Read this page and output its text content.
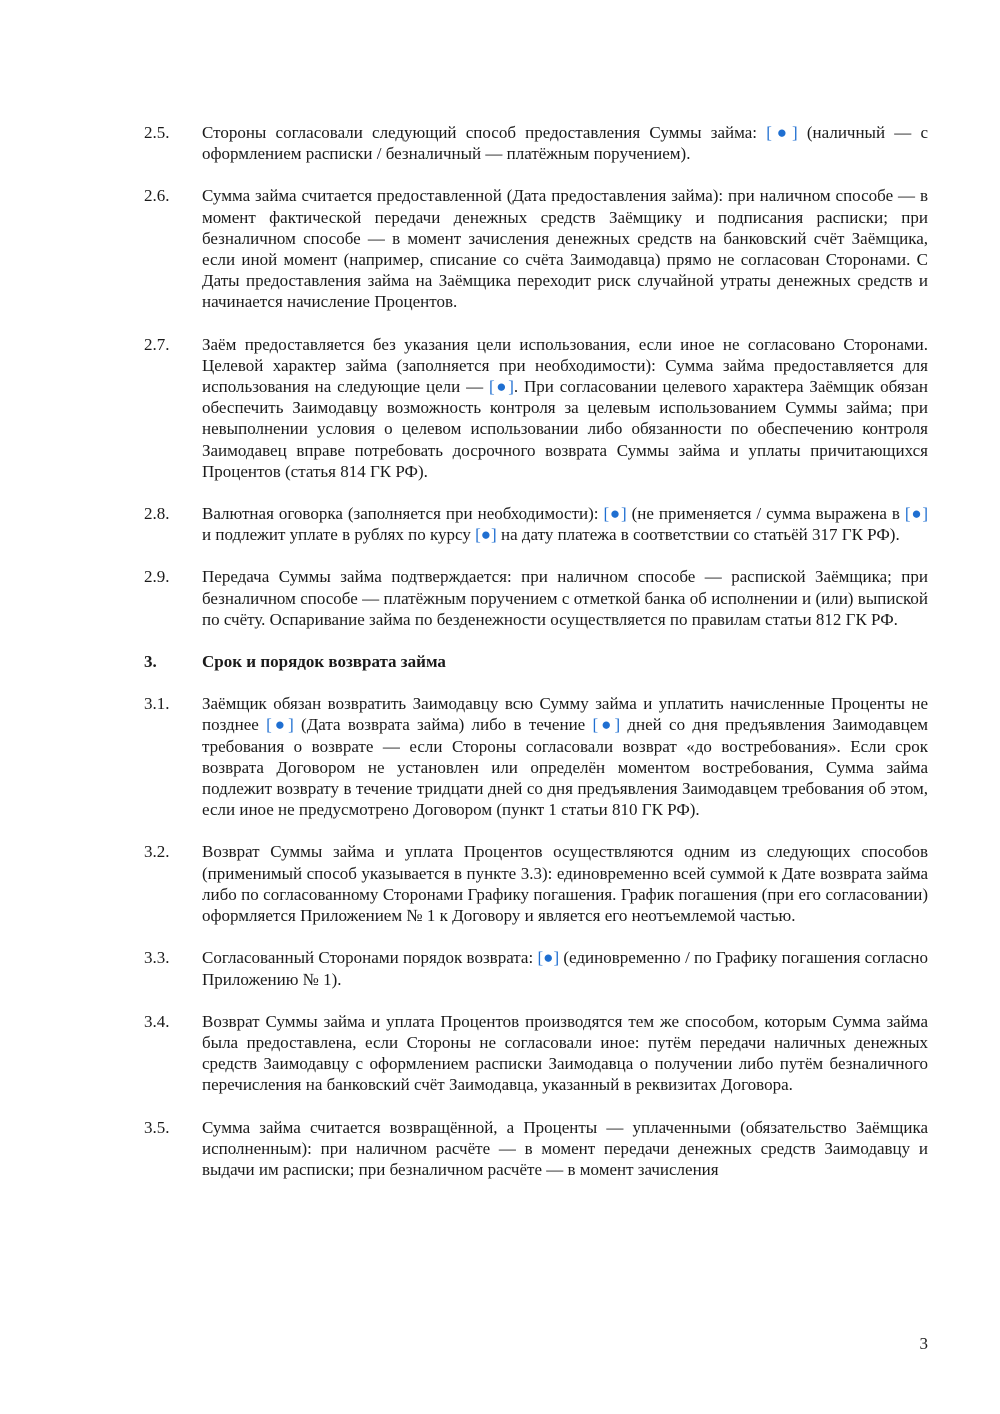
2.5. Стороны согласовали следующий способ предоставления Суммы займа: [●] (наличный — с оформлением расписки / безналичный — платёжным поручением).
2.6. Сумма займа считается предоставленной (Дата предоставления займа): при наличном способе — в момент фактической передачи денежных средств Заёмщику и подписания расписки; при безналичном способе — в момент зачисления денежных средств на банковский счёт Заёмщика, если иной момент (например, списание со счёта Заимодавца) прямо не согласован Сторонами. С Даты предоставления займа на Заёмщика переходит риск случайной утраты денежных средств и начинается начисление Процентов.
2.7. Заём предоставляется без указания цели использования, если иное не согласовано Сторонами. Целевой характер займа (заполняется при необходимости): Сумма займа предоставляется для использования на следующие цели — [●]. При согласовании целевого характера Заёмщик обязан обеспечить Заимодавцу возможность контроля за целевым использованием Суммы займа; при невыполнении условия о целевом использовании либо обязанности по обеспечению контроля Заимодавец вправе потребовать досрочного возврата Суммы займа и уплаты причитающихся Процентов (статья 814 ГК РФ).
2.8. Валютная оговорка (заполняется при необходимости): [●] (не применяется / сумма выражена в [●] и подлежит уплате в рублях по курсу [●] на дату платежа в соответствии со статьёй 317 ГК РФ).
2.9. Передача Суммы займа подтверждается: при наличном способе — распиской Заёмщика; при безналичном способе — платёжным поручением с отметкой банка об исполнении и (или) выпиской по счёту. Оспаривание займа по безденежности осуществляется по правилам статьи 812 ГК РФ.
3.	Срок и порядок возврата займа
3.1. Заёмщик обязан возвратить Заимодавцу всю Сумму займа и уплатить начисленные Проценты не позднее [●] (Дата возврата займа) либо в течение [●] дней со дня предъявления Заимодавцем требования о возврате — если Стороны согласовали возврат «до востребования». Если срок возврата Договором не установлен или определён моментом востребования, Сумма займа подлежит возврату в течение тридцати дней со дня предъявления Заимодавцем требования об этом, если иное не предусмотрено Договором (пункт 1 статьи 810 ГК РФ).
3.2. Возврат Суммы займа и уплата Процентов осуществляются одним из следующих способов (применимый способ указывается в пункте 3.3): единовременно всей суммой к Дате возврата займа либо по согласованному Сторонами Графику погашения. График погашения (при его согласовании) оформляется Приложением № 1 к Договору и является его неотъемлемой частью.
3.3. Согласованный Сторонами порядок возврата: [●] (единовременно / по Графику погашения согласно Приложению № 1).
3.4. Возврат Суммы займа и уплата Процентов производятся тем же способом, которым Сумма займа была предоставлена, если Стороны не согласовали иное: путём передачи наличных денежных средств Заимодавцу с оформлением расписки Заимодавца о получении либо путём безналичного перечисления на банковский счёт Заимодавца, указанный в реквизитах Договора.
3.5. Сумма займа считается возвращённой, а Проценты — уплаченными (обязательство Заёмщика исполненным): при наличном расчёте — в момент передачи денежных средств Заимодавцу и выдачи им расписки; при безналичном расчёте — в момент зачисления
3
